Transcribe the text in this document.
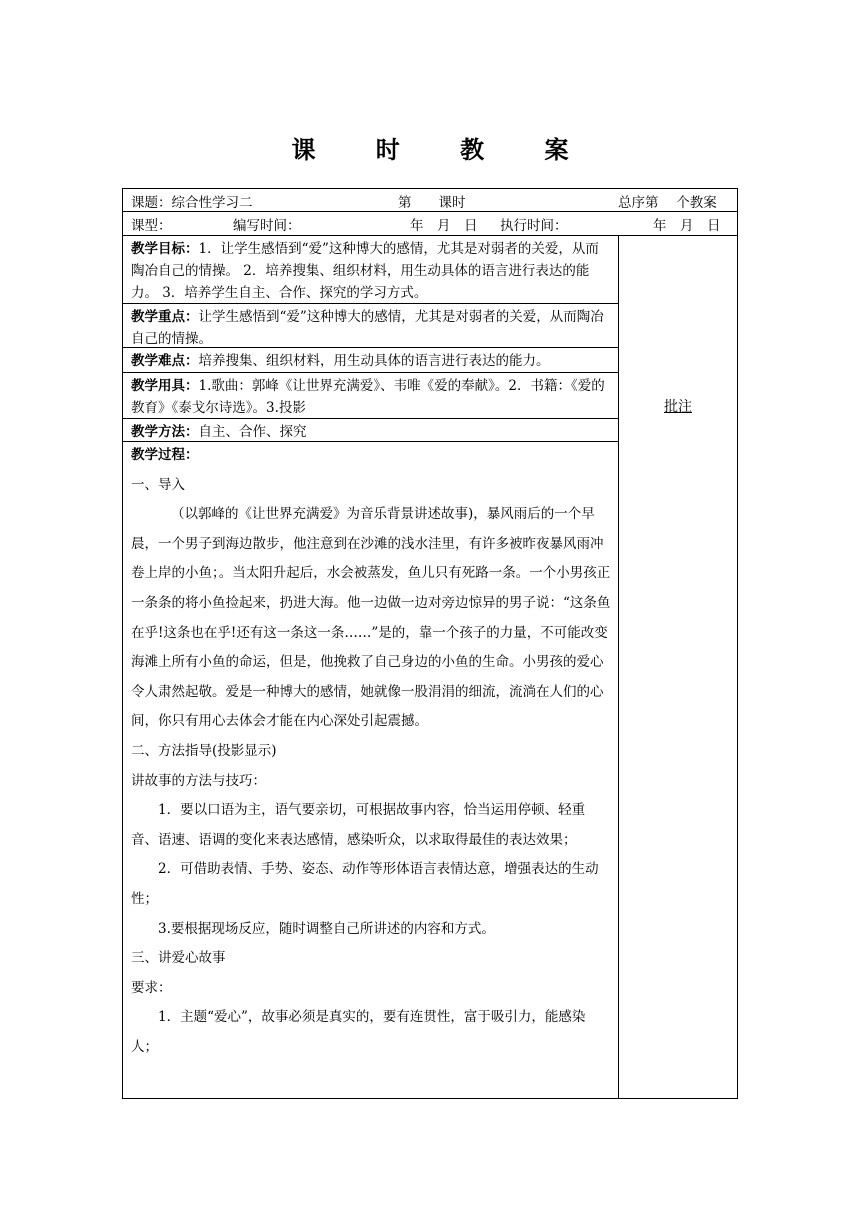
课 时 教 案
课题：综合性学习二	第　　课时	总序第　 个教案
课型：	编写时间：	年　月　日 执行时间：	年　月　日
教学目标：1．让学生感悟到“爱”这种博大的感情，尤其是对弱者的关爱，从而陶冶自己的情操。 2．培养搜集、组织材料，用生动具体的语言进行表达的能力。 3．培养学生自主、合作、探究的学习方式。
教学重点：让学生感悟到“爱”这种博大的感情，尤其是对弱者的关爱，从而陶冶自己的情操。
教学难点：培养搜集、组织材料，用生动具体的语言进行表达的能力。
教学用具：1.歌曲：郭峰《让世界充满爱》、韦唯《爱的奉献》。2．书籍：《爱的教育》《泰戈尔诗选》。3.投影
教学方法：自主、合作、探究
批注

教学过程：

一、导入

（以郭峰的《让世界充满爱》为音乐背景讲述故事)，暴风雨后的一个早晨，一个男子到海边散步，他注意到在沙滩的浅水洼里，有许多被昨夜暴风雨冲卷上岸的小鱼；。当太阳升起后，水会被蒸发，鱼儿只有死路一条。一个小男孩正一条条的将小鱼捡起来，扔进大海。他一边做一边对旁边惊异的男子说：“这条鱼在乎!这条也在乎!还有这一条这一条……”是的，靠一个孩子的力量，不可能改变海滩上所有小鱼的命运，但是，他挽救了自己身边的小鱼的生命。小男孩的爱心令人肃然起敬。爱是一种博大的感情，她就像一股涓涓的细流，流淌在人们的心间，你只有用心去体会才能在内心深处引起震撼。

二、方法指导(投影显示)

讲故事的方法与技巧：

1．要以口语为主，语气要亲切，可根据故事内容，恰当运用停顿、轻重音、语速、语调的变化来表达感情，感染听众，以求取得最佳的表达效果；

2．可借助表情、手势、姿态、动作等形体语言表情达意，增强表达的生动性；

3.要根据现场反应，随时调整自己所讲述的内容和方式。

三、讲爱心故事

要求：

1．主题“爱心”，故事必须是真实的，要有连贯性，富于吸引力，能感染人；
